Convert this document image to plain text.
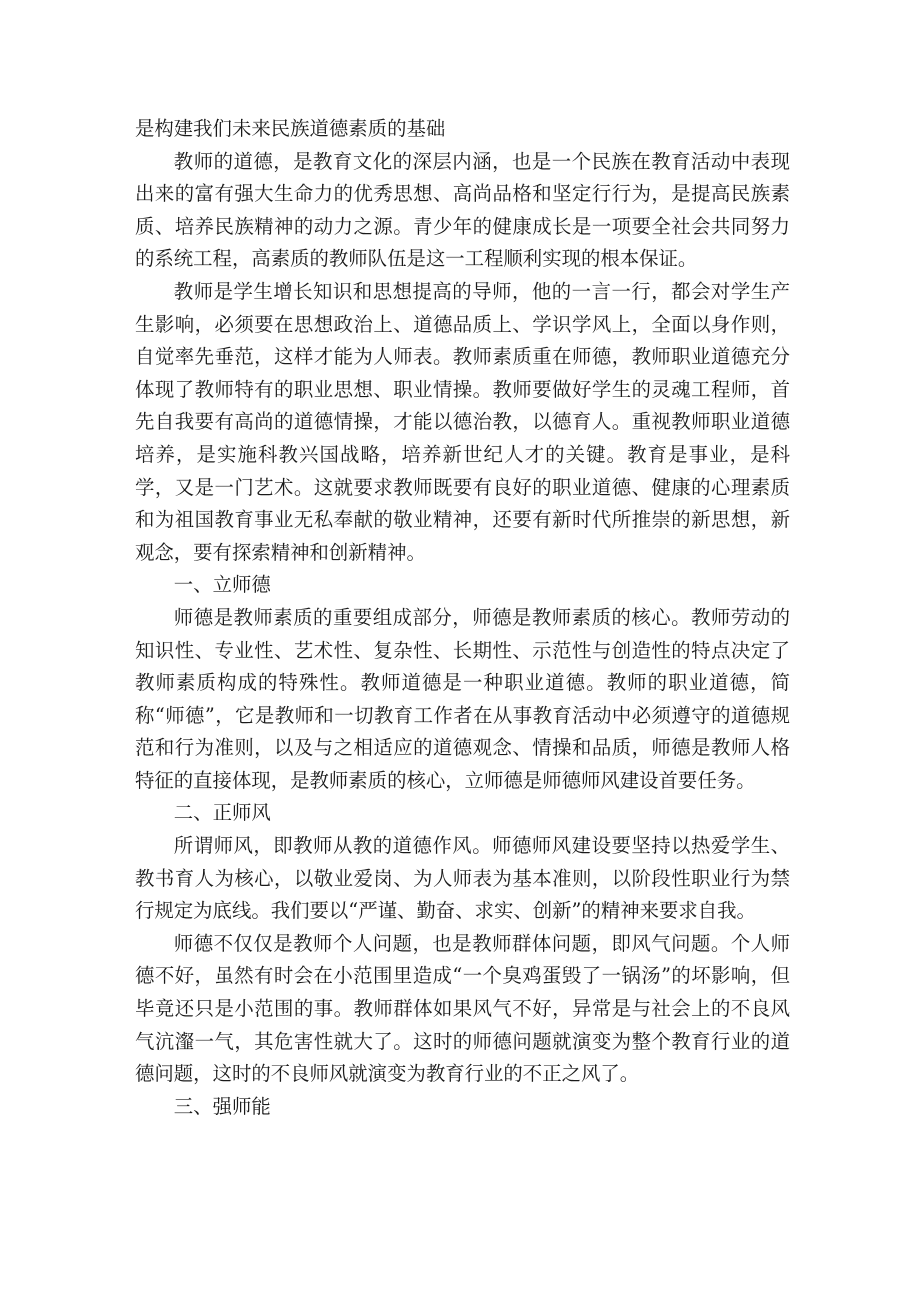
是构建我们未来民族道德素质的基础

教师的道德，是教育文化的深层内涵，也是一个民族在教育活动中表现出来的富有强大生命力的优秀思想、高尚品格和坚定行行为，是提高民族素质、培养民族精神的动力之源。青少年的健康成长是一项要全社会共同努力的系统工程，高素质的教师队伍是这一工程顺利实现的根本保证。

教师是学生增长知识和思想提高的导师，他的一言一行，都会对学生产生影响，必须要在思想政治上、道德品质上、学识学风上，全面以身作则，自觉率先垂范，这样才能为人师表。教师素质重在师德，教师职业道德充分体现了教师特有的职业思想、职业情操。教师要做好学生的灵魂工程师，首先自我要有高尚的道德情操，才能以德治教，以德育人。重视教师职业道德培养，是实施科教兴国战略，培养新世纪人才的关键。教育是事业，是科学，又是一门艺术。这就要求教师既要有良好的职业道德、健康的心理素质和为祖国教育事业无私奉献的敬业精神，还要有新时代所推崇的新思想，新观念，要有探索精神和创新精神。

一、立师德

师德是教师素质的重要组成部分，师德是教师素质的核心。教师劳动的知识性、专业性、艺术性、复杂性、长期性、示范性与创造性的特点决定了教师素质构成的特殊性。教师道德是一种职业道德。教师的职业道德，简称“师德”，它是教师和一切教育工作者在从事教育活动中必须遵守的道德规范和行为准则，以及与之相适应的道德观念、情操和品质，师德是教师人格特征的直接体现，是教师素质的核心，立师德是师德师风建设首要任务。

二、正师风

所谓师风，即教师从教的道德作风。师德师风建设要坚持以热爱学生、教书育人为核心，以敬业爱岗、为人师表为基本准则，以阶段性职业行为禁行规定为底线。我们要以“严谨、勤奋、求实、创新”的精神来要求自我。

师德不仅仅是教师个人问题，也是教师群体问题，即风气问题。个人师德不好，虽然有时会在小范围里造成“一个臭鸡蛋毁了一锅汤”的坏影响，但毕竟还只是小范围的事。教师群体如果风气不好，异常是与社会上的不良风气沆瀣一气，其危害性就大了。这时的师德问题就演变为整个教育行业的道德问题，这时的不良师风就演变为教育行业的不正之风了。

三、强师能
